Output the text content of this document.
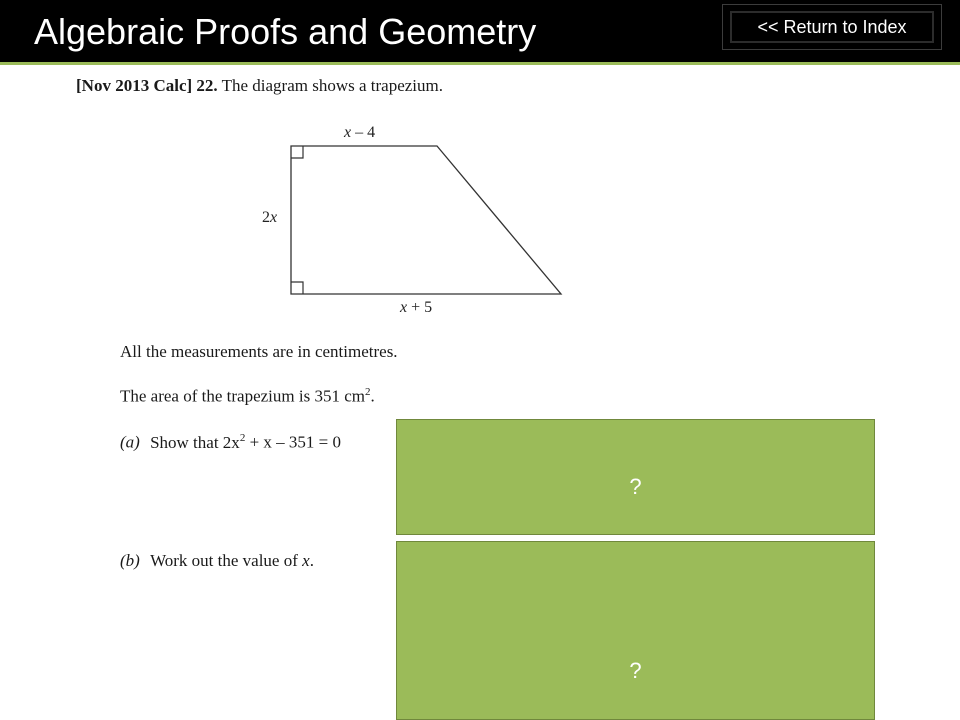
Algebraic Proofs and Geometry	<< Return to Index
[Nov 2013 Calc] 22. The diagram shows a trapezium.
x – 4
2x
x + 5
All the measurements are in centimetres.
The area of the trapezium is 351 $cm^2$.
(a) Show that $2x^2 + x - 351 = 0$
(b) Work out the value of x.
?
?
